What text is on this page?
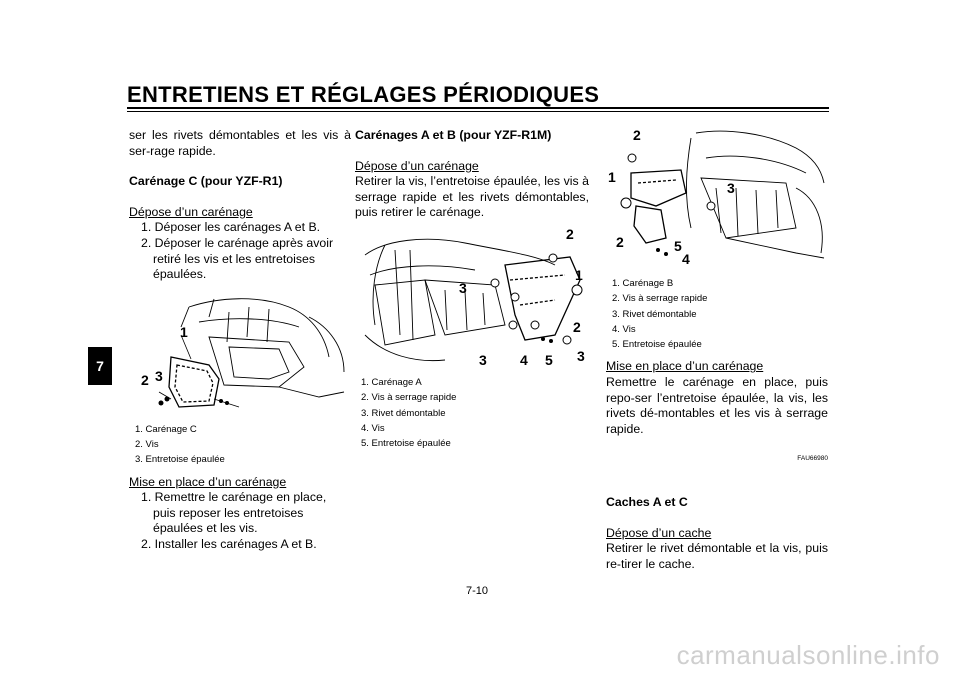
ENTRETIENS ET RÉGLAGES PÉRIODIQUES
7

ser les rivets démontables et les vis à ser-rage rapide.

Carénage C (pour YZF-R1)

Dépose d’un carénage

1. Déposer les carénages A et B.

2. Déposer le carénage après avoir retiré les vis et les entretoises épaulées.

1
2 3
1. Carénage C
2. Vis
3. Entretoise épaulée

Mise en place d’un carénage

1. Remettre le carénage en place, puis reposer les entretoises épaulées et les vis.

2. Installer les carénages A et B.

Carénages A et B (pour YZF-R1M)

Dépose d’un carénage

Retirer la vis, l’entretoise épaulée, les vis à serrage rapide et les rivets démontables, puis retirer le carénage.

2
1
3
2
3 4 5 3
1. Carénage A
2. Vis à serrage rapide
3. Rivet démontable
4. Vis
5. Entretoise épaulée
2
1
3
2	5
4
1. Carénage B
2. Vis à serrage rapide
3. Rivet démontable
4. Vis
5. Entretoise épaulée

Mise en place d’un carénage

Remettre le carénage en place, puis repo-ser l’entretoise épaulée, la vis, les rivets dé-montables et les vis à serrage rapide.

FAU66980

Caches A et C

Dépose d’un cache

Retirer le rivet démontable et la vis, puis re-tirer le cache.

7-10
carmanualsonline.info
